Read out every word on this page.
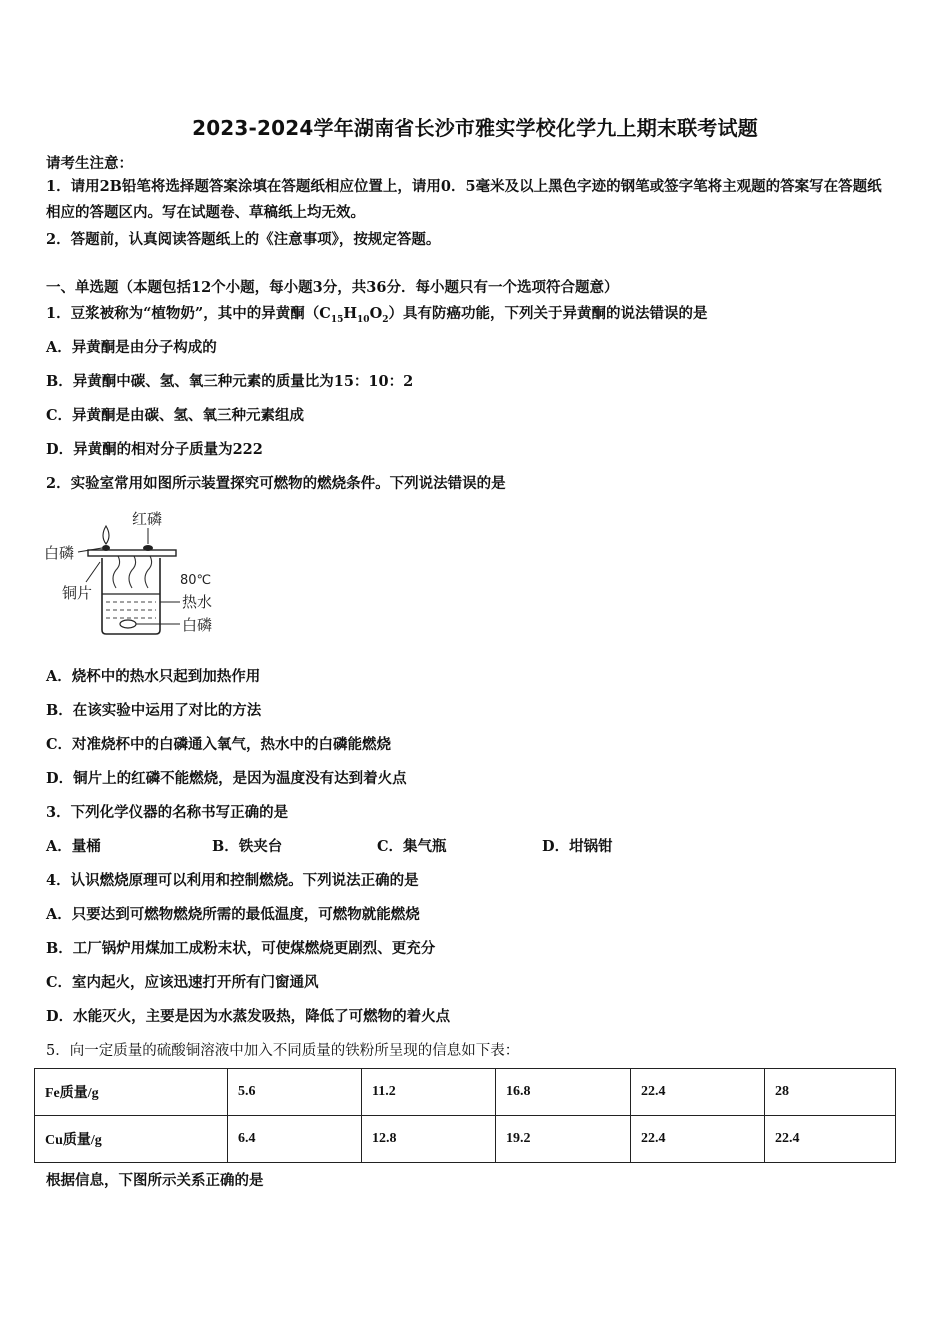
2023-2024学年湖南省长沙市雅实学校化学九上期末联考试题
请考生注意：
1．请用2B铅笔将选择题答案涂填在答题纸相应位置上，请用0．5毫米及以上黑色字迹的钢笔或签字笔将主观题的答案写在答题纸相应的答题区内。写在试题卷、草稿纸上均无效。
2．答题前，认真阅读答题纸上的《注意事项》，按规定答题。
一、单选题（本题包括12个小题，每小题3分，共36分．每小题只有一个选项符合题意）
1．豆浆被称为“植物奶”，其中的异黄酮$(C_{15}H_{10}O_2)$具有防癌功能，下列关于异黄酮的说法错误的是
A．异黄酮是由分子构成的
B．异黄酮中碳、氢、氧三种元素的质量比为15：10：2
C．异黄酮是由碳、氢、氧三种元素组成
D．异黄酮的相对分子质量为222
2．实验室常用如图所示装置探究可燃物的燃烧条件。下列说法错误的是
红磷
白磷
铜片
80℃
热水
白磷
A．烧杯中的热水只起到加热作用
B．在该实验中运用了对比的方法
C．对准烧杯中的白磷通入氧气，热水中的白磷能燃烧
D．铜片上的红磷不能燃烧，是因为温度没有达到着火点
3．下列化学仪器的名称书写正确的是
A．量桶	B．铁夹台	C．集气瓶	D．坩锅钳
4．认识燃烧原理可以利用和控制燃烧。下列说法正确的是
A．只要达到可燃物燃烧所需的最低温度，可燃物就能燃烧
B．工厂锅炉用煤加工成粉末状，可使煤燃烧更剧烈、更充分
C．室内起火，应该迅速打开所有门窗通风
D．水能灭火，主要是因为水蒸发吸热，降低了可燃物的着火点
5．向一定质量的硫酸铜溶液中加入不同质量的铁粉所呈现的信息如下表：
Fe质量/g	5.6	11.2	16.8	22.4	28
Cu质量/g	6.4	12.8	19.2	22.4	22.4
根据信息，下图所示关系正确的是
